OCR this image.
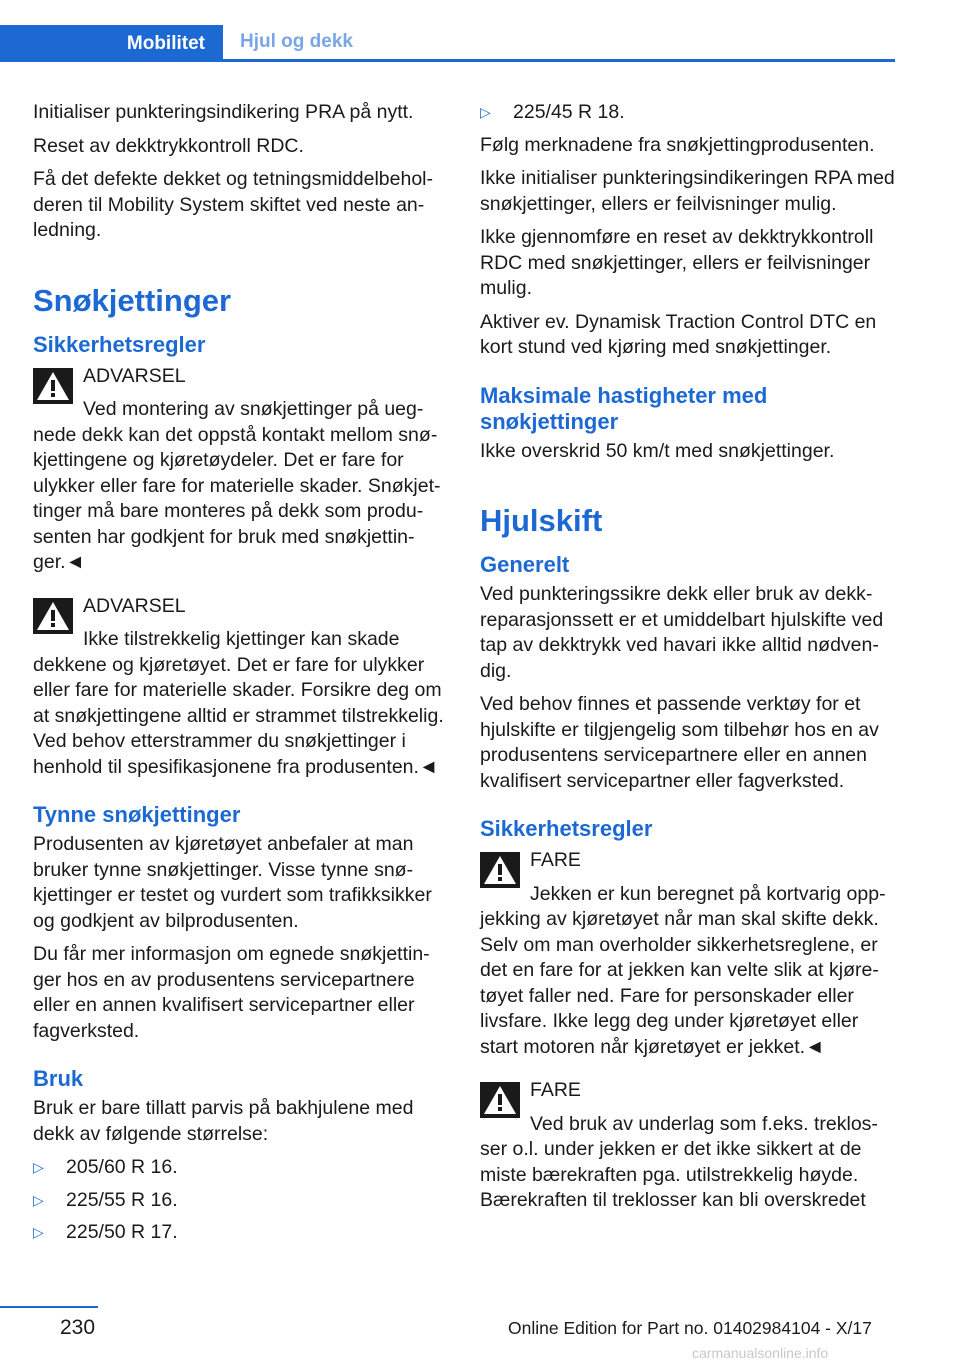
Mobilitet	Hjul og dekk

Initialiser punkteringsindikering PRA på nytt.

Reset av dekktrykkontroll RDC.

Få det defekte dekket og tetningsmiddelbeholderen til Mobility System skiftet ved neste anledning.

Snøkjettinger
Sikkerhetsregler
ADVARSEL
Ved montering av snøkjettinger på uegnede dekk kan det oppstå kontakt mellom snøkjettingene og kjøretøydeler. Det er fare for ulykker eller fare for materielle skader. Snøkjettinger må bare monteres på dekk som produsenten har godkjent for bruk med snøkjettinger.◄
ADVARSEL
Ikke tilstrekkelig kjettinger kan skade dekkene og kjøretøyet. Det er fare for ulykker eller fare for materielle skader. Forsikre deg om at snøkjettingene alltid er strammet tilstrekkelig. Ved behov etterstrammer du snøkjettinger i henhold til spesifikasjonene fra produsenten.◄
Tynne snøkjettinger

Produsenten av kjøretøyet anbefaler at man bruker tynne snøkjettinger. Visse tynne snøkjettinger er testet og vurdert som trafikksikker og godkjent av bilprodusenten.

Du får mer informasjon om egnede snøkjettinger hos en av produsentens servicepartnere eller en annen kvalifisert servicepartner eller fagverksted.

Bruk

Bruk er bare tillatt parvis på bakhjulene med dekk av følgende størrelse:

▷ 205/60 R 16.
▷ 225/55 R 16.
▷ 225/50 R 17.
▷ 225/45 R 18.

Følg merknadene fra snøkjettingprodusenten.

Ikke initialiser punkteringsindikeringen RPA med snøkjettinger, ellers er feilvisninger mulig.

Ikke gjennomføre en reset av dekktrykkontroll RDC med snøkjettinger, ellers er feilvisninger mulig.

Aktiver ev. Dynamisk Traction Control DTC en kort stund ved kjøring med snøkjettinger.

Maksimale hastigheter med snøkjettinger

Ikke overskrid 50 km/t med snøkjettinger.

Hjulskift
Generelt

Ved punkteringssikre dekk eller bruk av dekkreparasjonssett er et umiddelbart hjulskifte ved tap av dekktrykk ved havari ikke alltid nødvendig.

Ved behov finnes et passende verktøy for et hjulskifte er tilgjengelig som tilbehør hos en av produsentens servicepartnere eller en annen kvalifisert servicepartner eller fagverksted.

Sikkerhetsregler
FARE
Jekken er kun beregnet på kortvarig oppjekking av kjøretøyet når man skal skifte dekk. Selv om man overholder sikkerhetsreglene, er det en fare for at jekken kan velte slik at kjøretøyet faller ned. Fare for personskader eller livsfare. Ikke legg deg under kjøretøyet eller start motoren når kjøretøyet er jekket.◄
FARE
Ved bruk av underlag som f.eks. treklosser o.l. under jekken er det ikke sikkert at de miste bærekraften pga. utilstrekkelig høyde. Bærekraften til treklosser kan bli overskredet
230	Online Edition for Part no. 01402984104 - X/17
carmanualsonline.info
